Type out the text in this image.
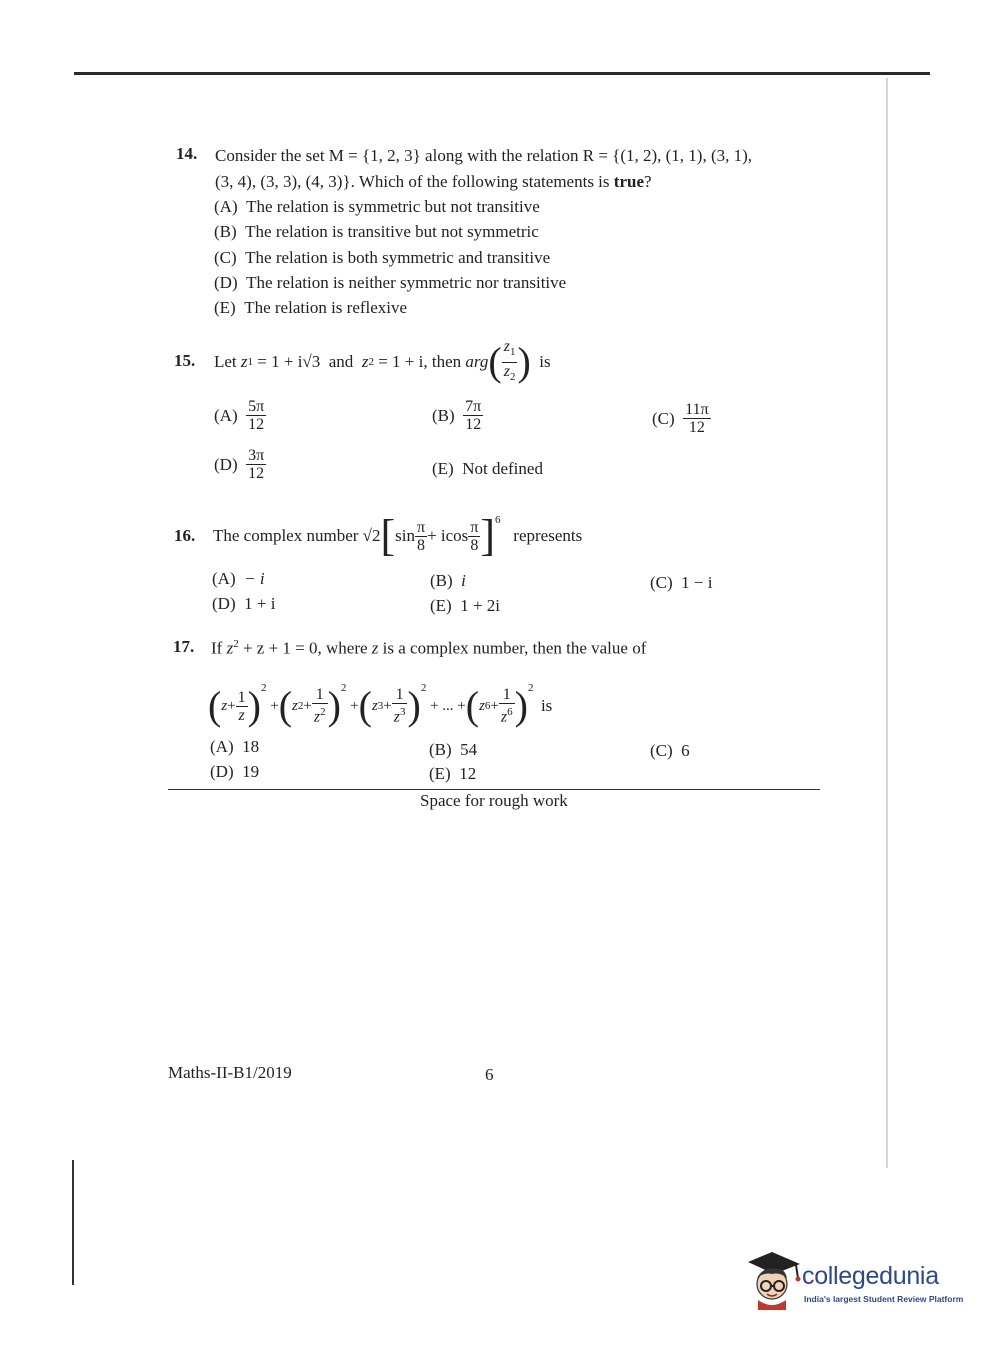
14. Consider the set M = {1, 2, 3} along with the relation R = {(1, 2), (1, 1), (3, 1),
(3, 4), (3, 3), (4, 3)}. Which of the following statements is true?
(A) The relation is symmetric but not transitive
(B) The relation is transitive but not symmetric
(C) The relation is both symmetric and transitive
(D) The relation is neither symmetric nor transitive
(E) The relation is reflexive
15. Let
z 1
= 1 + i√3
and
z 2
= 1 + i,
then
arg ( $\frac{z_1}{\overline{z}_2}$ )
is
(A)
$\frac{5\pi}{12}$	(B)
$\frac{7\pi}{12}$	(C)
$\frac{11\pi}{12}$
(D)
$\frac{3\pi}{12}$	(E) Not defined
16. The complex number
√2 [ $\sin \frac{\pi}{8} + i$ $\cos \frac{\pi}{8} ]^6$

represents
(A) − i	(B) i	(C) 1 − i
(D) 1 + i	(E) 1 + 2i
17. If $z^2 + z + 1 = 0$, where z is a complex number, then the value of
( $z + \frac{1}{z} )^2$
+ ( z $2 + \frac{1}{z^2} )^2$
+ ( z $3 + \frac{1}{z^3} )^2$

+ ... + ( z $6 + \frac{1}{z^6} )^2$

is
(A) 18	(B) 54	(C) 6
(D) 19	(E) 12
Space for rough work
Maths-II-B1/2019	6
collegedunia
India's largest Student Review Platform
